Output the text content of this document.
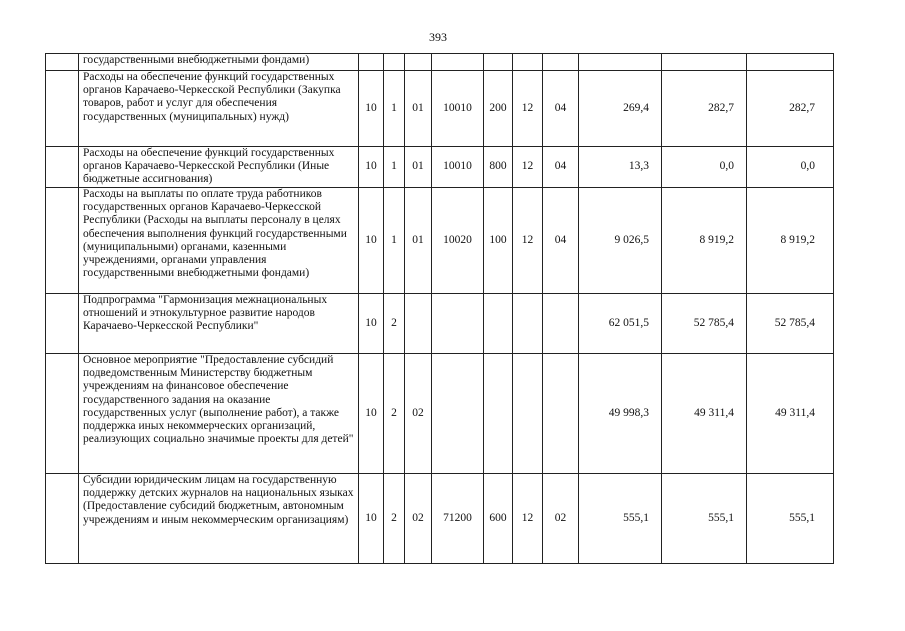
393
	государственными внебюджетными фондами)										
	Расходы на обеспечение функций государственных органов Карачаево-Черкесской Республики (Закупка товаров, работ и услуг для обеспечения государственных (муниципальных) нужд)	10	1	01	10010	200	12	04	269,4	282,7	282,7
	Расходы на обеспечение функций государственных органов Карачаево-Черкесской Республики (Иные бюджетные ассигнования)	10	1	01	10010	800	12	04	13,3	0,0	0,0
	Расходы на выплаты по оплате труда работников государственных органов Карачаево-Черкесской Республики (Расходы на выплаты персоналу в целях обеспечения выполнения функций государственными (муниципальными) органами, казенными учреждениями, органами управления государственными внебюджетными фондами)	10	1	01	10020	100	12	04	9 026,5	8 919,2	8 919,2
	Подпрограмма "Гармонизация межнациональных отношений и этнокультурное развитие народов Карачаево-Черкесской Республики"	10	2						62 051,5	52 785,4	52 785,4
	Основное мероприятие "Предоставление субсидий подведомственным Министерству бюджетным учреждениям на финансовое обеспечение государственного задания на оказание государственных услуг (выполнение работ), а также поддержка иных некоммерческих организаций, реализующих социально значимые проекты для детей"	10	2	02					49 998,3	49 311,4	49 311,4
	Субсидии юридическим лицам на государственную поддержку детских журналов на национальных языках (Предоставление субсидий бюджетным, автономным учреждениям и иным некоммерческим организациям)	10	2	02	71200	600	12	02	555,1	555,1	555,1
